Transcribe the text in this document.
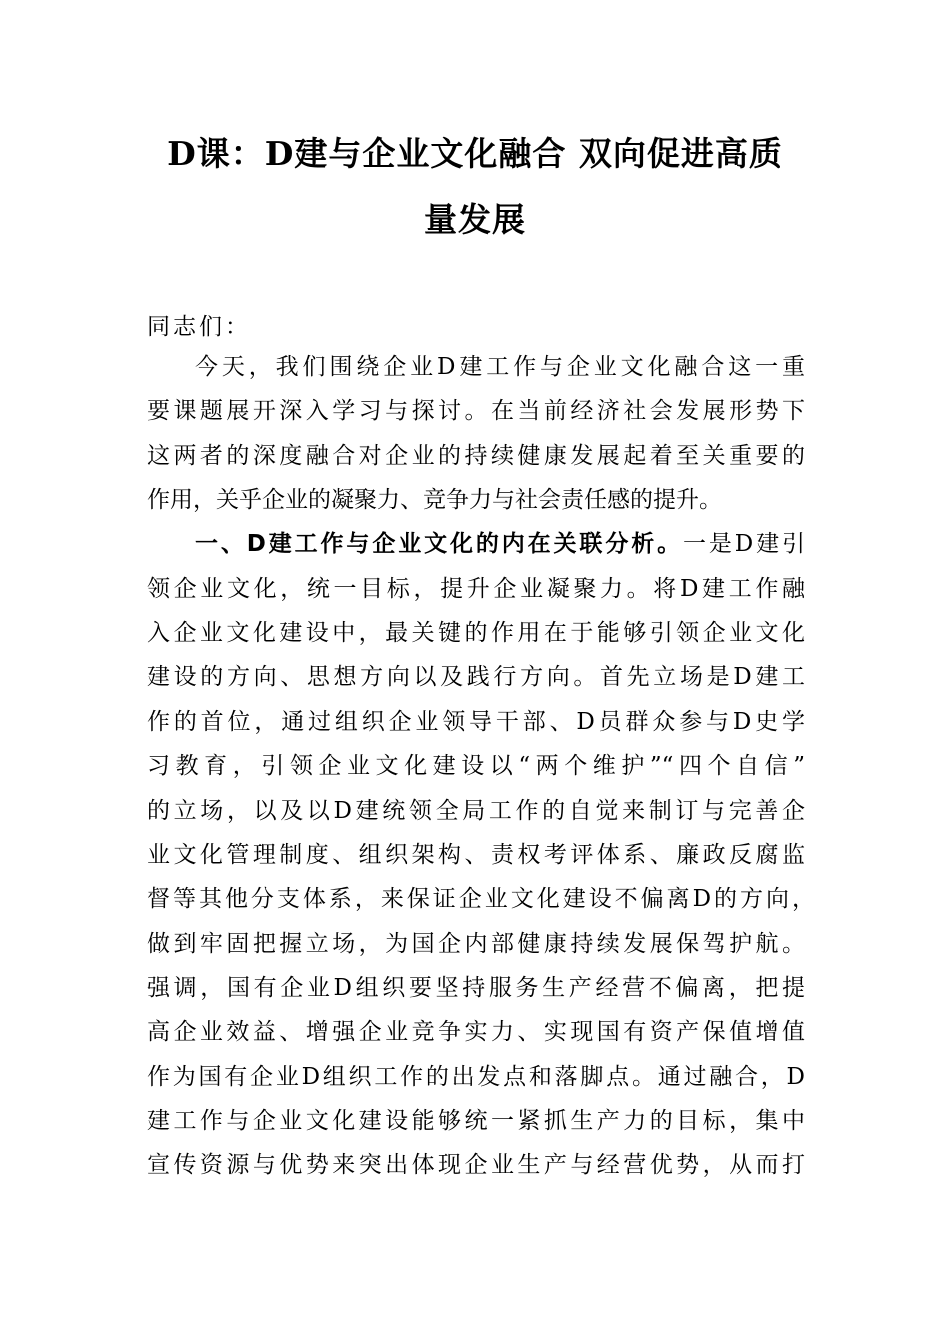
D课：D建与企业文化融合 双向促进高质
量发展
同志们：
今天，我们围绕企业D建工作与企业文化融合这一重
要课题展开深入学习与探讨。在当前经济社会发展形势下
这两者的深度融合对企业的持续健康发展起着至关重要的
作用，关乎企业的凝聚力、竞争力与社会责任感的提升。
一、D建工作与企业文化的内在关联分析。一是D建引
领企业文化，统一目标，提升企业凝聚力。将D建工作融
入企业文化建设中，最关键的作用在于能够引领企业文化
建设的方向、思想方向以及践行方向。首先立场是D建工
作的首位，通过组织企业领导干部、D员群众参与D史学
习教育，引领企业文化建设以“两个维护”“四个自信”
的立场，以及以D建统领全局工作的自觉来制订与完善企
业文化管理制度、组织架构、责权考评体系、廉政反腐监
督等其他分支体系，来保证企业文化建设不偏离D的方向，
做到牢固把握立场，为国企内部健康持续发展保驾护航。
强调，国有企业D组织要坚持服务生产经营不偏离，把提
高企业效益、增强企业竞争实力、实现国有资产保值增值
作为国有企业D组织工作的出发点和落脚点。通过融合，D
建工作与企业文化建设能够统一紧抓生产力的目标，集中
宣传资源与优势来突出体现企业生产与经营优势，从而打
